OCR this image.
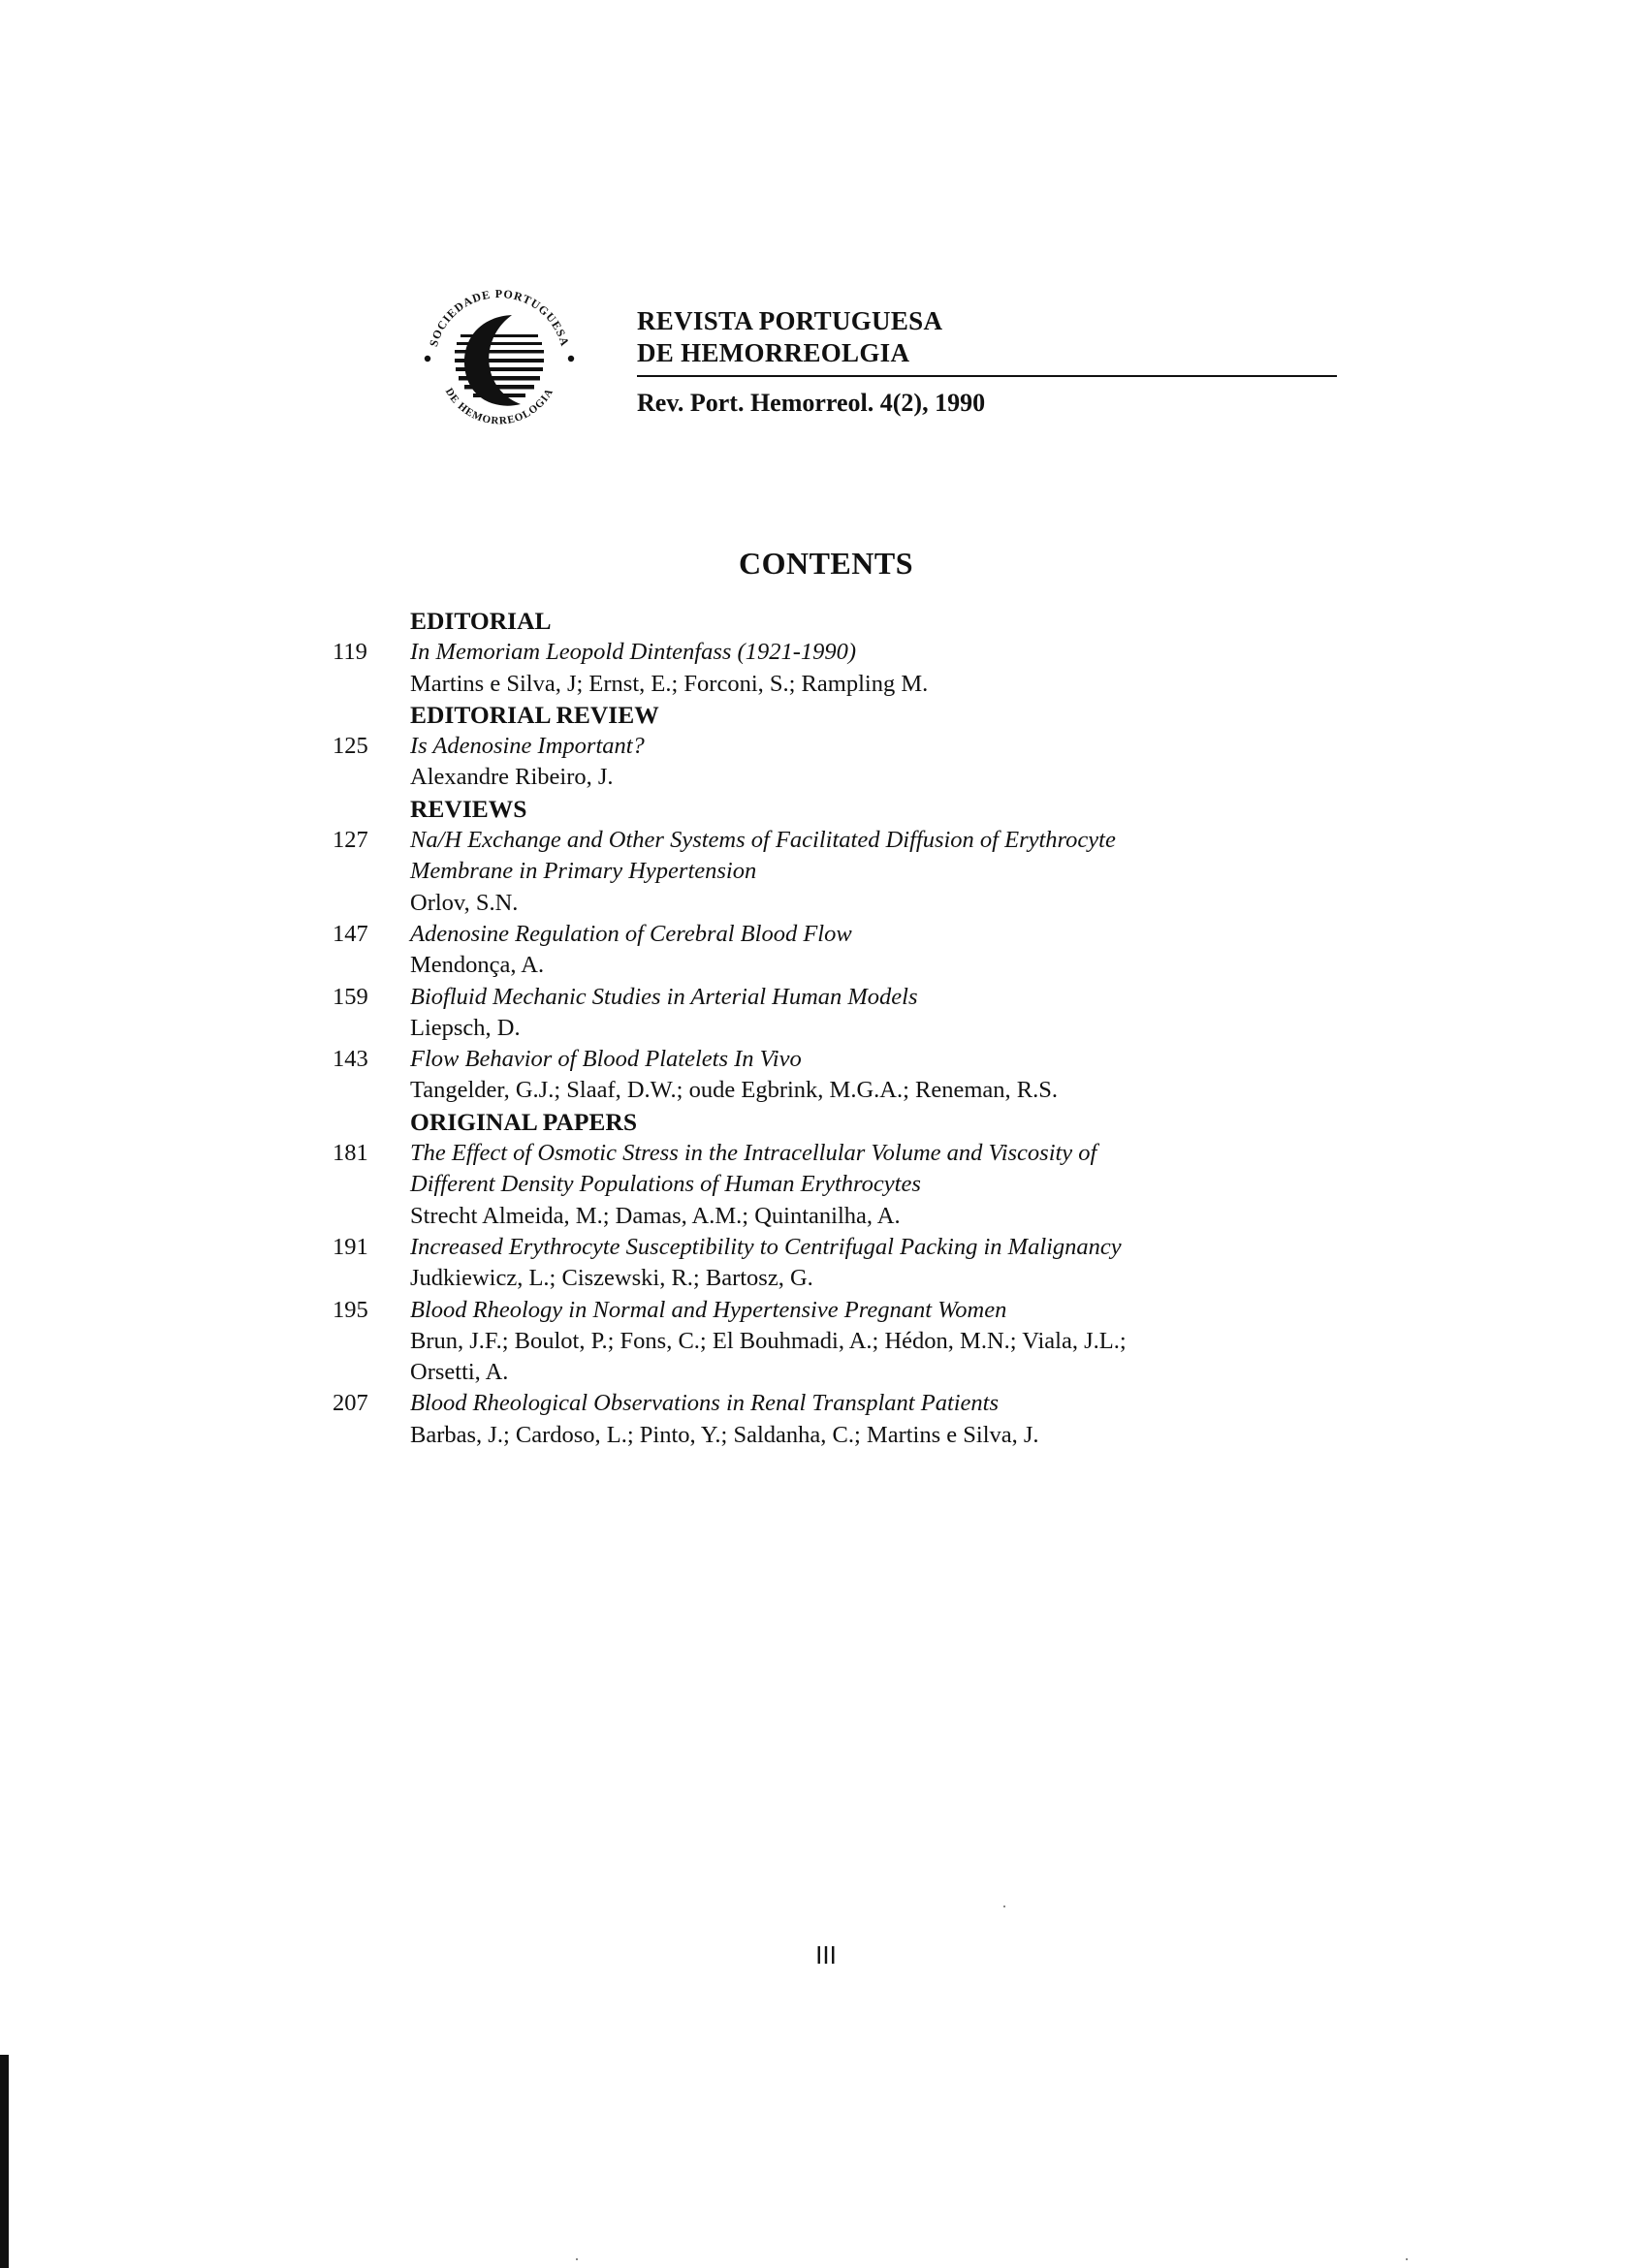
SOCIEDADE PORTUGUESA
DE HEMORREOLOGIA
REVISTA PORTUGUESA
DE HEMORREOLGIA
Rev. Port. Hemorreol. 4(2), 1990
CONTENTS
EDITORIAL
119 In Memoriam Leopold Dintenfass (1921-1990)
Martins e Silva, J; Ernst, E.; Forconi, S.; Rampling M.
EDITORIAL REVIEW
125 Is Adenosine Important?
Alexandre Ribeiro, J.
REVIEWS
127 Na/H Exchange and Other Systems of Facilitated Diffusion of Erythrocyte
Membrane in Primary Hypertension
Orlov, S.N.
147 Adenosine Regulation of Cerebral Blood Flow
Mendonça, A.
159 Biofluid Mechanic Studies in Arterial Human Models
Liepsch, D.
143 Flow Behavior of Blood Platelets In Vivo
Tangelder, G.J.; Slaaf, D.W.; oude Egbrink, M.G.A.; Reneman, R.S.
ORIGINAL PAPERS
181 The Effect of Osmotic Stress in the Intracellular Volume and Viscosity of
Different Density Populations of Human Erythrocytes
Strecht Almeida, M.; Damas, A.M.; Quintanilha, A.
191 Increased Erythrocyte Susceptibility to Centrifugal Packing in Malignancy
Judkiewicz, L.; Ciszewski, R.; Bartosz, G.
195 Blood Rheology in Normal and Hypertensive Pregnant Women
Brun, J.F.; Boulot, P.; Fons, C.; El Bouhmadi, A.; Hédon, M.N.; Viala, J.L.;
Orsetti, A.
207 Blood Rheological Observations in Renal Transplant Patients
Barbas, J.; Cardoso, L.; Pinto, Y.; Saldanha, C.; Martins e Silva, J.
III
